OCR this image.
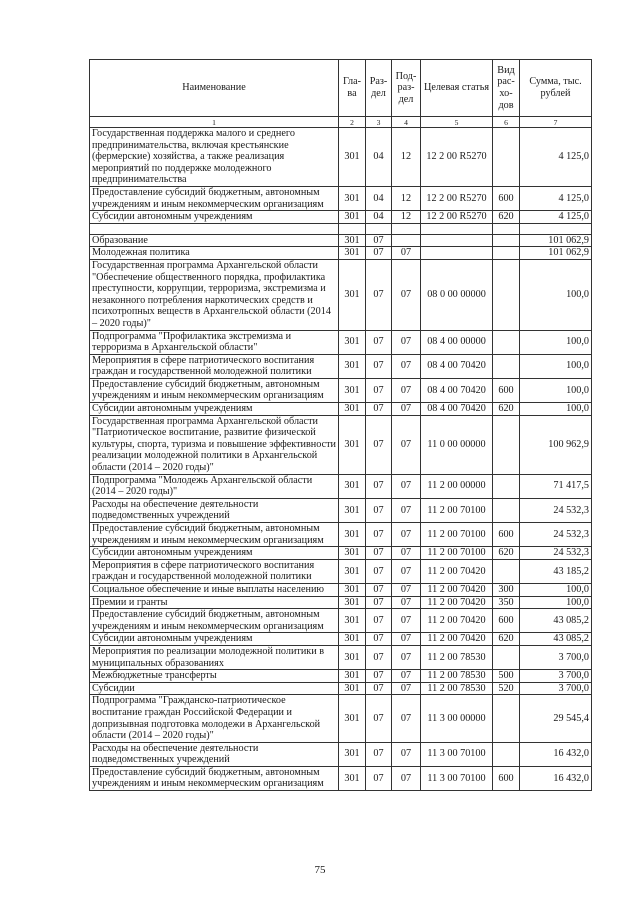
Наименование	Гла-ва	Раз-дел	Под-раз-дел	Целевая статья	Вид рас-хо-дов	Сумма, тыс. рублей
1	2	3	4	5	6	7
Государственная поддержка малого и среднего предпринимательства, включая крестьянские (фермерские) хозяйства, а также реализация мероприятий по поддержке молодежного предпринимательства	301	04	12	12 2 00 R5270		4 125,0
Предоставление субсидий бюджетным, автономным учреждениям и иным некоммерческим организациям	301	04	12	12 2 00 R5270	600	4 125,0
Субсидии автономным учреждениям	301	04	12	12 2 00 R5270	620	4 125,0

Образование	301	07				101 062,9
Молодежная политика	301	07	07			101 062,9
Государственная программа Архангельской области "Обеспечение общественного порядка, профилактика преступности, коррупции, терроризма, экстремизма и незаконного потребления наркотических средств и психотропных веществ в Архангельской области (2014 – 2020 годы)"	301	07	07	08 0 00 00000		100,0
Подпрограмма "Профилактика экстремизма и терроризма в Архангельской области"	301	07	07	08 4 00 00000		100,0
Мероприятия в сфере патриотического воспитания граждан и государственной молодежной политики	301	07	07	08 4 00 70420		100,0
Предоставление субсидий бюджетным, автономным учреждениям и иным некоммерческим организациям	301	07	07	08 4 00 70420	600	100,0
Субсидии автономным учреждениям	301	07	07	08 4 00 70420	620	100,0
Государственная программа Архангельской области "Патриотическое воспитание, развитие физической культуры, спорта, туризма и повышение эффективности реализации молодежной политики в Архангельской области (2014 – 2020 годы)"	301	07	07	11 0 00 00000		100 962,9
Подпрограмма "Молодежь Архангельской области (2014 – 2020 годы)"	301	07	07	11 2 00 00000		71 417,5
Расходы на обеспечение деятельности подведомственных учреждений	301	07	07	11 2 00 70100		24 532,3
Предоставление субсидий бюджетным, автономным учреждениям и иным некоммерческим организациям	301	07	07	11 2 00 70100	600	24 532,3
Субсидии автономным учреждениям	301	07	07	11 2 00 70100	620	24 532,3
Мероприятия в сфере патриотического воспитания граждан и государственной молодежной политики	301	07	07	11 2 00 70420		43 185,2
Социальное обеспечение и иные выплаты населению	301	07	07	11 2 00 70420	300	100,0
Премии и гранты	301	07	07	11 2 00 70420	350	100,0
Предоставление субсидий бюджетным, автономным учреждениям и иным некоммерческим организациям	301	07	07	11 2 00 70420	600	43 085,2
Субсидии автономным учреждениям	301	07	07	11 2 00 70420	620	43 085,2
Мероприятия по реализации молодежной политики в муниципальных образованиях	301	07	07	11 2 00 78530		3 700,0
Межбюджетные трансферты	301	07	07	11 2 00 78530	500	3 700,0
Субсидии	301	07	07	11 2 00 78530	520	3 700,0
Подпрограмма "Гражданско-патриотическое воспитание граждан Российской Федерации и допризывная подготовка молодежи в Архангельской области (2014 – 2020 годы)"	301	07	07	11 3 00 00000		29 545,4
Расходы на обеспечение деятельности подведомственных учреждений	301	07	07	11 3 00 70100		16 432,0
Предоставление субсидий бюджетным, автономным учреждениям и иным некоммерческим организациям	301	07	07	11 3 00 70100	600	16 432,0
75
